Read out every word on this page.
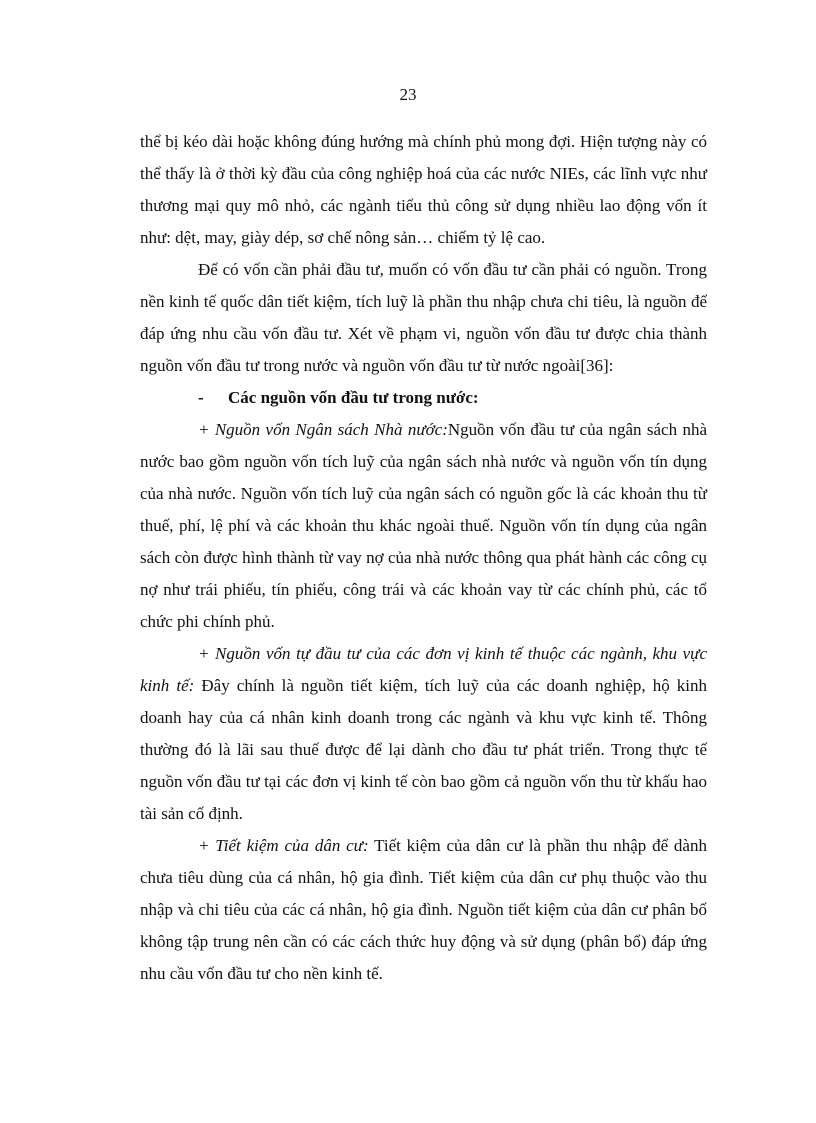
23

thể bị kéo dài hoặc không đúng hướng mà chính phủ mong đợi. Hiện tượng này có thể thấy là ở thời kỳ đầu của công nghiệp hoá của các nước NIEs, các lĩnh vực như thương mại quy mô nhỏ, các ngành tiểu thủ công sử dụng nhiều lao động vốn ít như: dệt, may, giày dép, sơ chế nông sản… chiếm tỷ lệ cao.

Để có vốn cần phải đầu tư, muốn có vốn đầu tư cần phải có nguồn. Trong nền kinh tế quốc dân tiết kiệm, tích luỹ là phần thu nhập chưa chi tiêu, là nguồn để đáp ứng nhu cầu vốn đầu tư. Xét về phạm vi, nguồn vốn đầu tư được chia thành nguồn vốn đầu tư trong nước và nguồn vốn đầu tư từ nước ngoài[36]:

- Các nguồn vốn đầu tư trong nước:

+ Nguồn vốn Ngân sách Nhà nước:Nguồn vốn đầu tư của ngân sách nhà nước bao gồm nguồn vốn tích luỹ của ngân sách nhà nước và nguồn vốn tín dụng của nhà nước. Nguồn vốn tích luỹ của ngân sách có nguồn gốc là các khoản thu từ thuế, phí, lệ phí và các khoản thu khác ngoài thuế. Nguồn vốn tín dụng của ngân sách còn được hình thành từ vay nợ của nhà nước thông qua phát hành các công cụ nợ như trái phiếu, tín phiếu, công trái và các khoản vay từ các chính phủ, các tổ chức phi chính phủ.

+ Nguồn vốn tự đầu tư của các đơn vị kinh tế thuộc các ngành, khu vực kinh tế: Đây chính là nguồn tiết kiệm, tích luỹ của các doanh nghiệp, hộ kinh doanh hay của cá nhân kinh doanh trong các ngành và khu vực kinh tế. Thông thường đó là lãi sau thuế được để lại dành cho đầu tư phát triển. Trong thực tế nguồn vốn đầu tư tại các đơn vị kinh tế còn bao gồm cả nguồn vốn thu từ khấu hao tài sản cố định.

+ Tiết kiệm của dân cư: Tiết kiệm của dân cư là phần thu nhập để dành chưa tiêu dùng của cá nhân, hộ gia đình. Tiết kiệm của dân cư phụ thuộc vào thu nhập và chi tiêu của các cá nhân, hộ gia đình. Nguồn tiết kiệm của dân cư phân bố không tập trung nên cần có các cách thức huy động và sử dụng (phân bổ) đáp ứng nhu cầu vốn đầu tư cho nền kinh tế.
